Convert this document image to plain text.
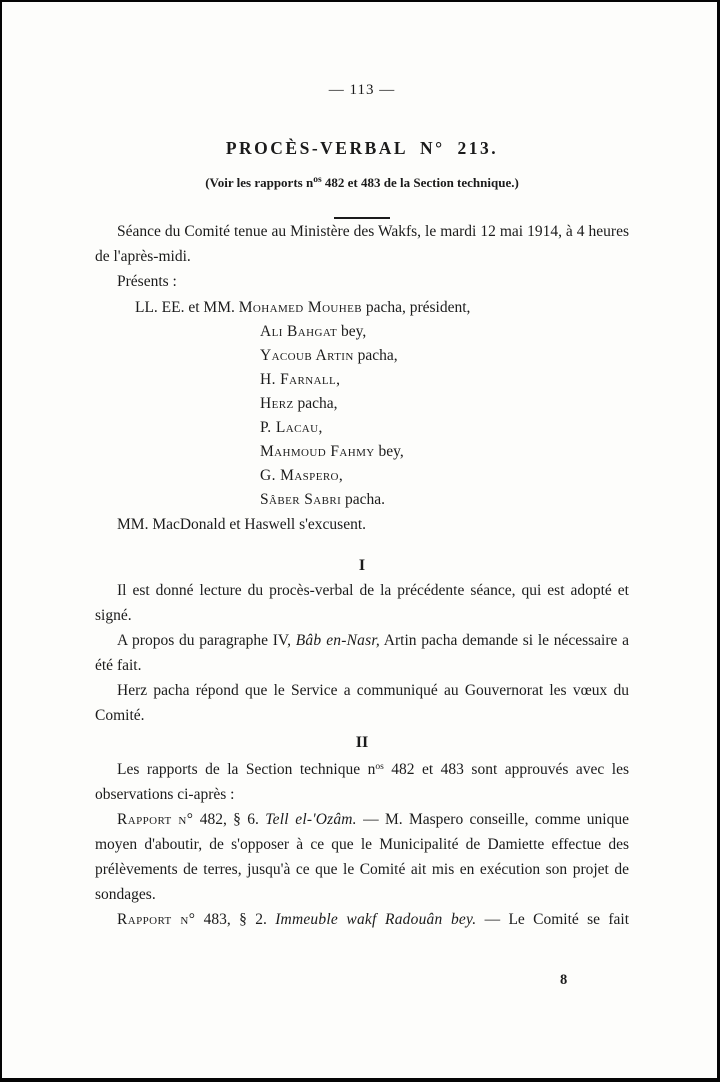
— 113 —
PROCÈS-VERBAL N° 213.
(Voir les rapports $n^{os}$ 482 et 483 de la Section technique.)

Séance du Comité tenue au Ministère des Wakfs, le mardi 12 mai 1914, à 4 heures de l'après-midi.

Présents :

LL. EE. et MM. Mohamed Mouheb pacha, président,
Ali Bahgat bey,
Yacoub Artin pacha,
H. Farnall,
Herz pacha,
P. Lacau,
Mahmoud Fahmy bey,
G. Maspero,
Sâber Sabri pacha.

MM. MacDonald et Haswell s'excusent.

I

Il est donné lecture du procès-verbal de la précédente séance, qui est adopté et signé.

A propos du paragraphe IV, Bâb en-Nasr, Artin pacha demande si le nécessaire a été fait.

Herz pacha répond que le Service a communiqué au Gouvernorat les vœux du Comité.

II

Les rapports de la Section technique $n^{os}$ 482 et 483 sont approuvés avec les observations ci-après :

Rapport n° 482, § 6. Tell el-'Ozâm. — M. Maspero conseille, comme unique moyen d'aboutir, de s'opposer à ce que le Municipalité de Damiette effectue des prélèvements de terres, jusqu'à ce que le Comité ait mis en exécution son projet de sondages.

Rapport n° 483, § 2. Immeuble wakf Radouân bey. — Le Comité se fait

8
